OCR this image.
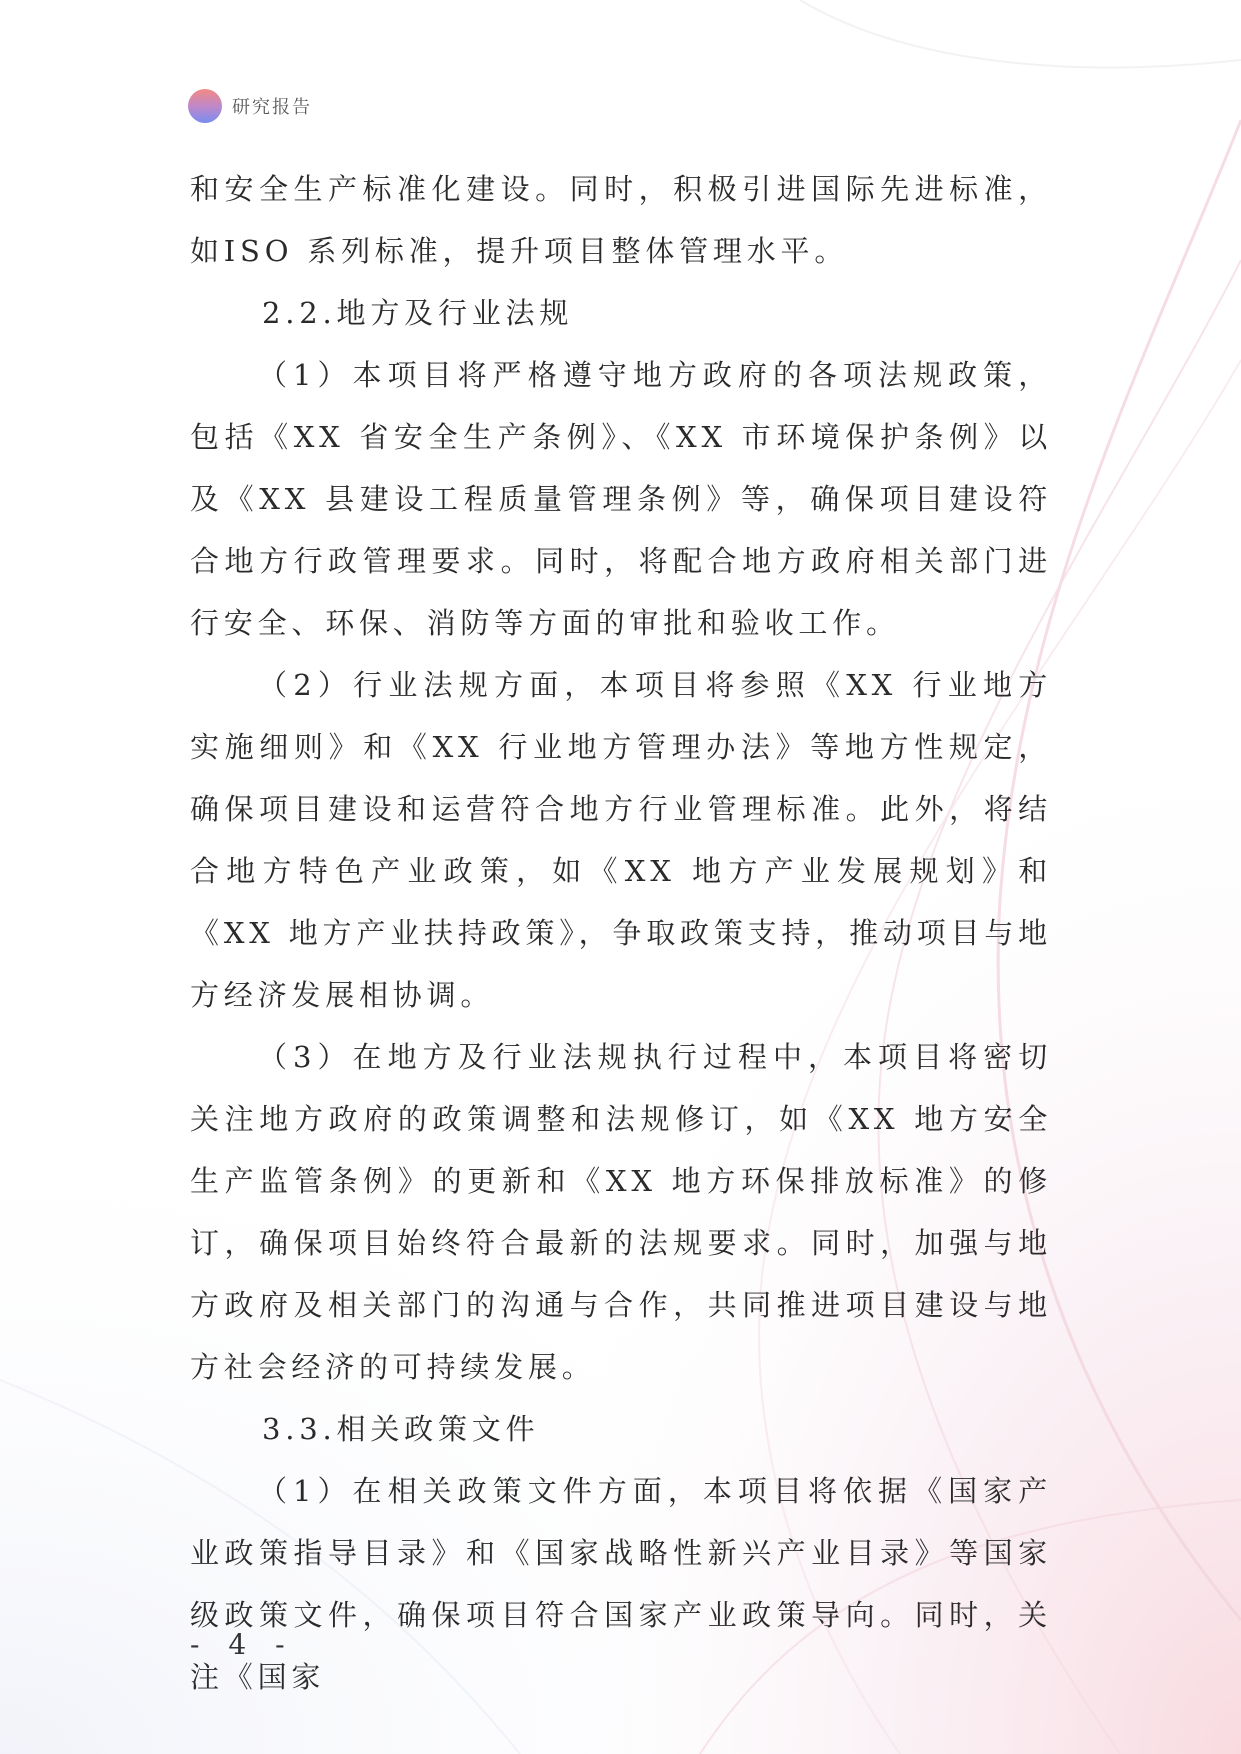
研究报告

和安全生产标准化建设。同时，积极引进国际先进标准，如ISO 系列标准，提升项目整体管理水平。

2.2.地方及行业法规

（1）本项目将严格遵守地方政府的各项法规政策，包括《XX 省安全生产条例》、《XX 市环境保护条例》以及《XX 县建设工程质量管理条例》等，确保项目建设符合地方行政管理要求。同时，将配合地方政府相关部门进行安全、环保、消防等方面的审批和验收工作。

（2）行业法规方面，本项目将参照《XX 行业地方实施细则》和《XX 行业地方管理办法》等地方性规定，确保项目建设和运营符合地方行业管理标准。此外，将结合地方特色产业政策，如《XX 地方产业发展规划》和《XX 地方产业扶持政策》，争取政策支持，推动项目与地方经济发展相协调。

（3）在地方及行业法规执行过程中，本项目将密切关注地方政府的政策调整和法规修订，如《XX 地方安全生产监管条例》的更新和《XX 地方环保排放标准》的修订，确保项目始终符合最新的法规要求。同时，加强与地方政府及相关部门的沟通与合作，共同推进项目建设与地方社会经济的可持续发展。

3.3.相关政策文件

（1）在相关政策文件方面，本项目将依据《国家产业政策指导目录》和《国家战略性新兴产业目录》等国家级政策文件，确保项目符合国家产业政策导向。同时，关注《国家

- 4 -
